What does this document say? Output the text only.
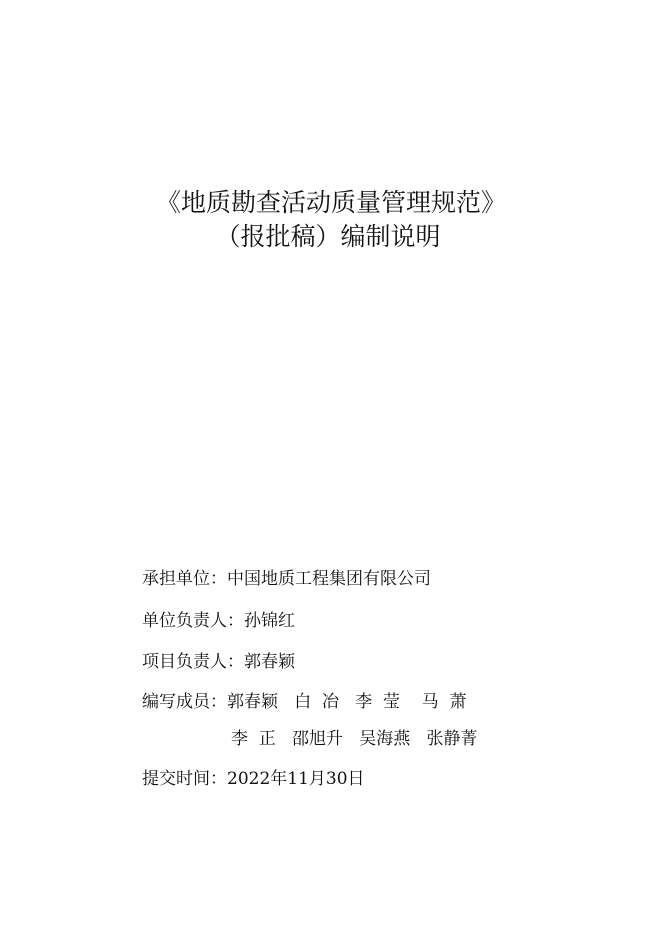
《地质勘查活动质量管理规范》
（报批稿）编制说明
承担单位：中国地质工程集团有限公司
单位负责人：孙锦红
项目负责人：郭春颖
编写成员：郭春颖   白  冶   李  莹    马  萧
李  正   邵旭升   吴海燕   张静菁
提交时间：2022年11月30日
